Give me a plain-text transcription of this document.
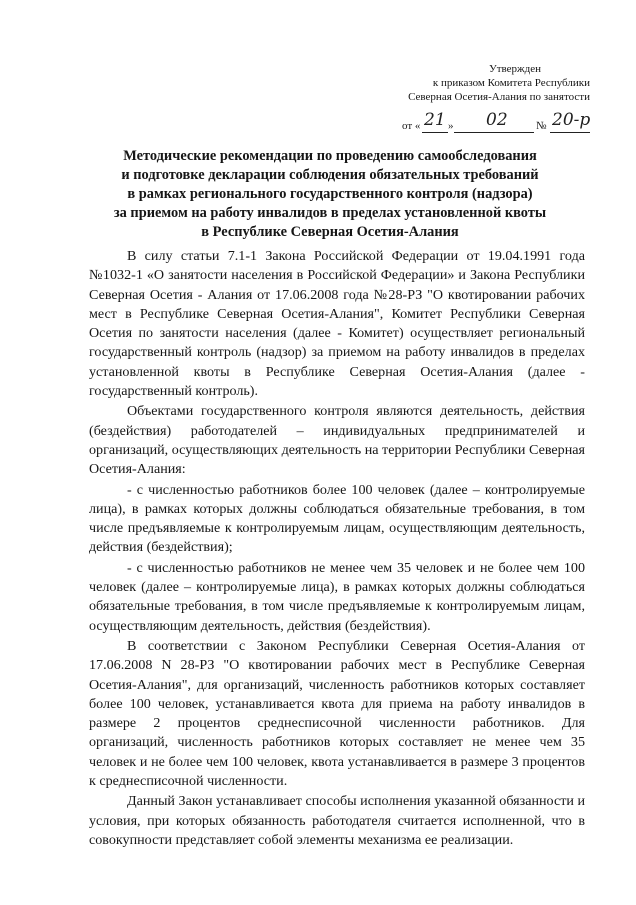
Утвержден
к приказом Комитета Республики
Северная Осетия-Алания по занятости
от « 21 » 02	№ 20-р
Методические рекомендации по проведению самообследования
и подготовке декларации соблюдения обязательных требований
в рамках регионального государственного контроля (надзора)
за приемом на работу инвалидов в пределах установленной квоты
в Республике Северная Осетия-Алания

В силу статьи 7.1-1 Закона Российской Федерации от 19.04.1991 года №1032-1 «О занятости населения в Российской Федерации» и Закона Республики Северная Осетия - Алания от 17.06.2008 года №28-РЗ "О квотировании рабочих мест в Республике Северная Осетия-Алания", Комитет Республики Северная Осетия по занятости населения (далее - Комитет) осуществляет региональный государственный контроль (надзор) за приемом на работу инвалидов в пределах установленной квоты в Республике Северная Осетия-Алания (далее - государственный контроль).

Объектами государственного контроля являются деятельность, действия (бездействия) работодателей – индивидуальных предпринимателей и организаций, осуществляющих деятельность на территории Республики Северная Осетия-Алания:

- с численностью работников более 100 человек (далее – контролируемые лица), в рамках которых должны соблюдаться обязательные требования, в том числе предъявляемые к контролируемым лицам, осуществляющим деятельность, действия (бездействия);

- с численностью работников не менее чем 35 человек и не более чем 100 человек (далее – контролируемые лица), в рамках которых должны соблюдаться обязательные требования, в том числе предъявляемые к контролируемым лицам, осуществляющим деятельность, действия (бездействия).

В соответствии с Законом Республики Северная Осетия-Алания от 17.06.2008 N 28-РЗ "О квотировании рабочих мест в Республике Северная Осетия-Алания", для организаций, численность работников которых составляет более 100 человек, устанавливается квота для приема на работу инвалидов в размере 2 процентов среднесписочной численности работников. Для организаций, численность работников которых составляет не менее чем 35 человек и не более чем 100 человек, квота устанавливается в размере 3 процентов к среднесписочной численности.

Данный Закон устанавливает способы исполнения указанной обязанности и условия, при которых обязанность работодателя считается исполненной, что в совокупности представляет собой элементы механизма ее реализации.
